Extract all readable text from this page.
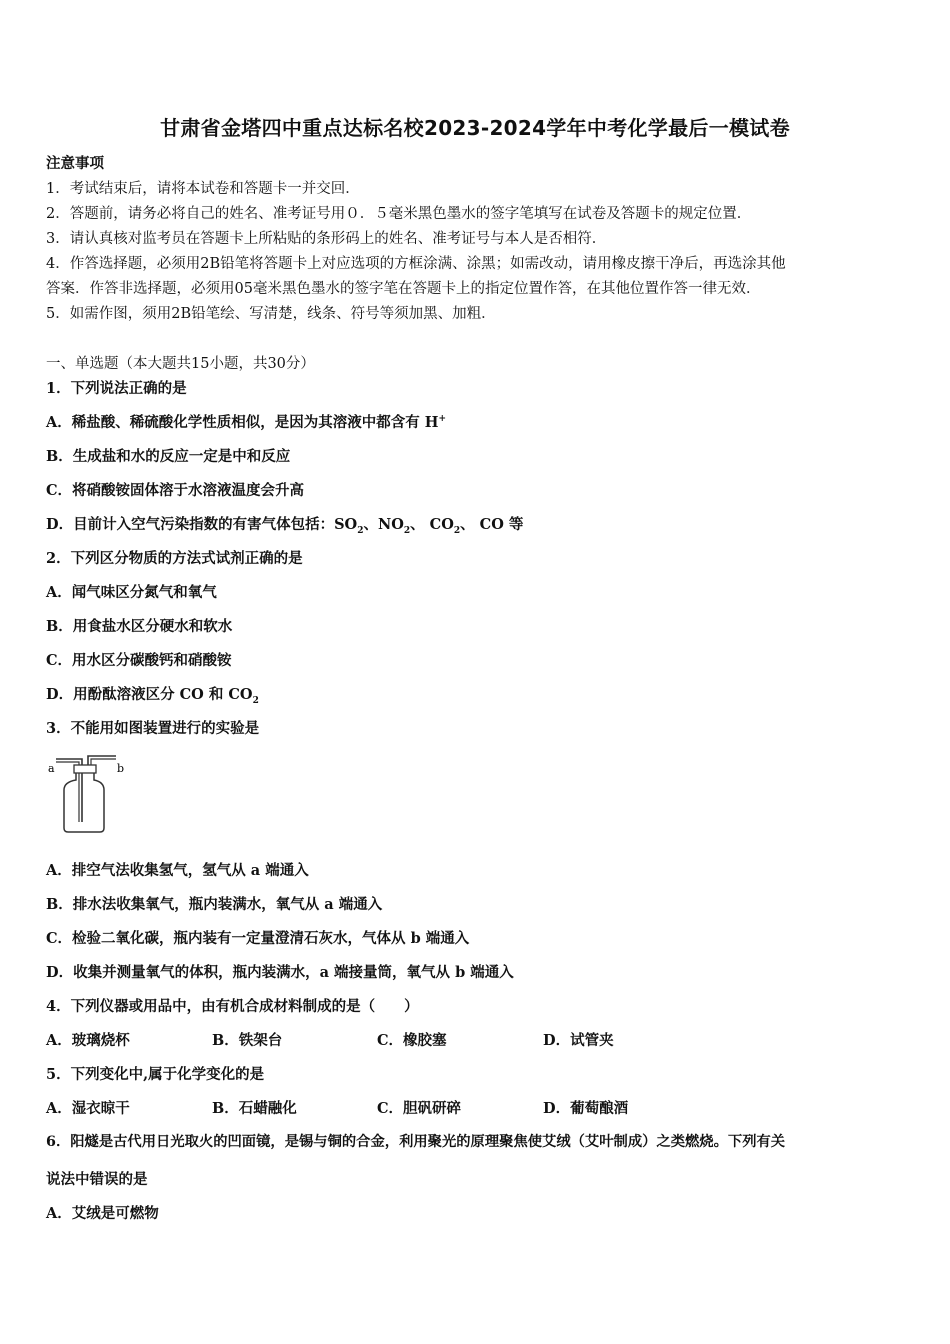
甘肃省金塔四中重点达标名校2023-2024学年中考化学最后一模试卷
注意事项
1．考试结束后，请将本试卷和答题卡一并交回．
2．答题前，请务必将自己的姓名、准考证号用０．５毫米黑色墨水的签字笔填写在试卷及答题卡的规定位置．
3．请认真核对监考员在答题卡上所粘贴的条形码上的姓名、准考证号与本人是否相符．
4．作答选择题，必须用2B铅笔将答题卡上对应选项的方框涂满、涂黑；如需改动，请用橡皮擦干净后，再选涂其他
答案．作答非选择题，必须用05毫米黑色墨水的签字笔在答题卡上的指定位置作答，在其他位置作答一律无效．
5．如需作图，须用2B铅笔绘、写清楚，线条、符号等须加黑、加粗．
一、单选题（本大题共15小题，共30分）
1．下列说法正确的是
A．稀盐酸、稀硫酸化学性质相似，是因为其溶液中都含有 H+
B．生成盐和水的反应一定是中和反应
C．将硝酸铵固体溶于水溶液温度会升高
D．目前计入空气污染指数的有害气体包括：$SO_2$、$NO_2$、 $CO_2$、 CO 等
2．下列区分物质的方法式试剂正确的是
A．闻气味区分氮气和氧气
B．用食盐水区分硬水和软水
C．用水区分碳酸钙和硝酸铵
D．用酚酞溶液区分 CO 和 $CO_2$
3．不能用如图装置进行的实验是
a	b
A．排空气法收集氢气，氢气从 a 端通入
B．排水法收集氧气，瓶内装满水，氧气从 a 端通入
C．检验二氧化碳，瓶内装有一定量澄清石灰水，气体从 b 端通入
D．收集并测量氧气的体积，瓶内装满水，a 端接量筒，氧气从 b 端通入
4．下列仪器或用品中，由有机合成材料制成的是（　　）
A．玻璃烧杯	B．铁架台	C．橡胶塞	D．试管夹
5．下列变化中,属于化学变化的是
A．湿衣晾干	B．石蜡融化	C．胆矾研碎	D．葡萄酿酒
6．阳燧是古代用日光取火的凹面镜，是锡与铜的合金，利用聚光的原理聚焦使艾绒（艾叶制成）之类燃烧。下列有关
说法中错误的是
A．艾绒是可燃物
